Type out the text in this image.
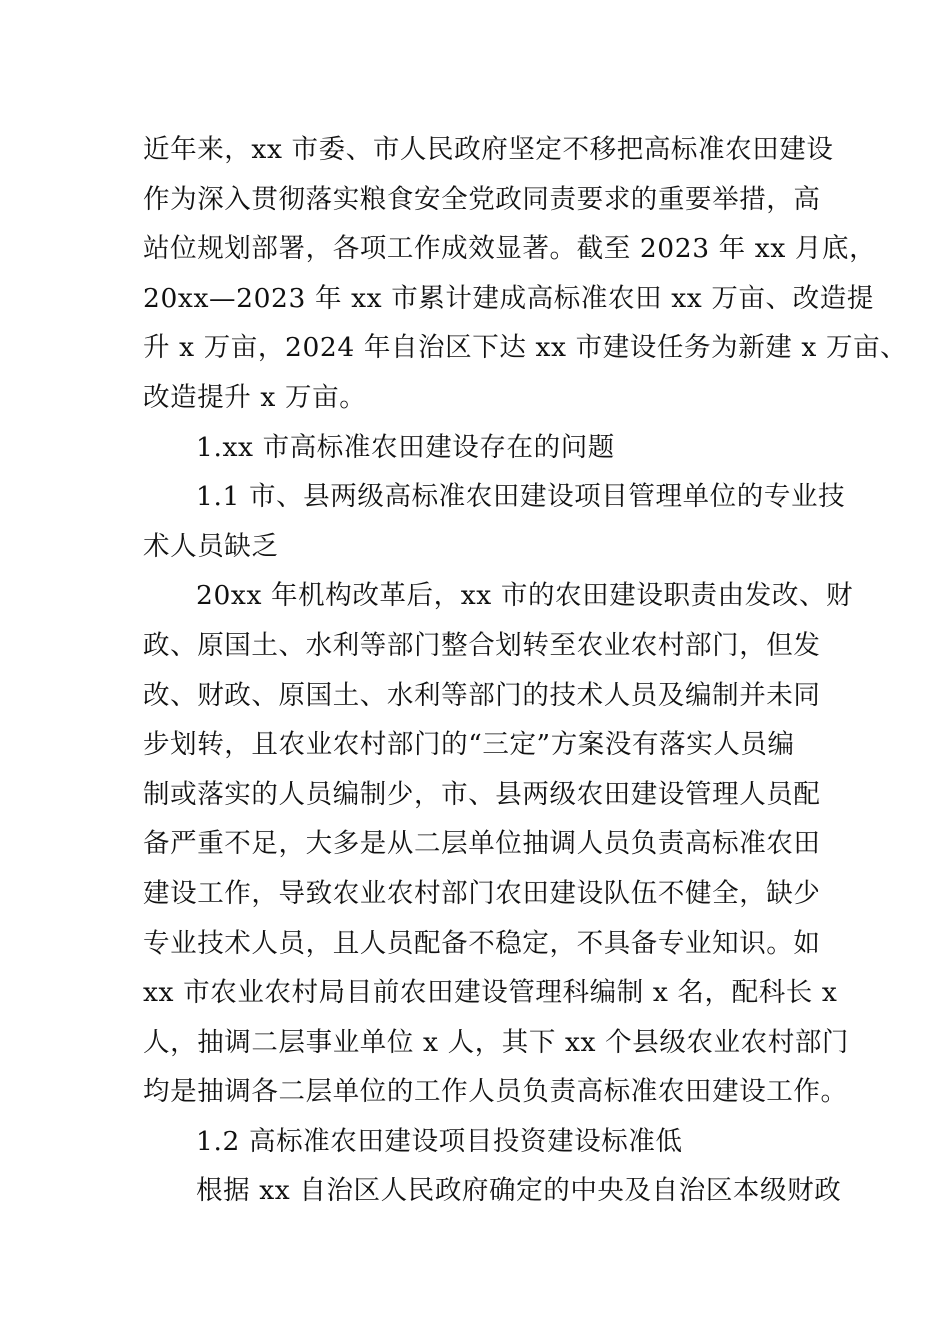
近年来，xx 市委、市人民政府坚定不移把高标准农田建设
作为深入贯彻落实粮食安全党政同责要求的重要举措，高
站位规划部署，各项工作成效显著。截至 2023 年 xx 月底，
20xx—2023 年 xx 市累计建成高标准农田 xx 万亩、改造提
升 x 万亩，2024 年自治区下达 xx 市建设任务为新建 x 万亩、
改造提升 x 万亩。
1.xx 市高标准农田建设存在的问题
1.1 市、县两级高标准农田建设项目管理单位的专业技
术人员缺乏
20xx 年机构改革后，xx 市的农田建设职责由发改、财
政、原国土、水利等部门整合划转至农业农村部门，但发
改、财政、原国土、水利等部门的技术人员及编制并未同
步划转，且农业农村部门的“三定”方案没有落实人员编
制或落实的人员编制少，市、县两级农田建设管理人员配
备严重不足，大多是从二层单位抽调人员负责高标准农田
建设工作，导致农业农村部门农田建设队伍不健全，缺少
专业技术人员，且人员配备不稳定，不具备专业知识。如
xx 市农业农村局目前农田建设管理科编制 x 名，配科长 x
人，抽调二层事业单位 x 人，其下 xx 个县级农业农村部门
均是抽调各二层单位的工作人员负责高标准农田建设工作。
1.2 高标准农田建设项目投资建设标准低
根据 xx 自治区人民政府确定的中央及自治区本级财政
